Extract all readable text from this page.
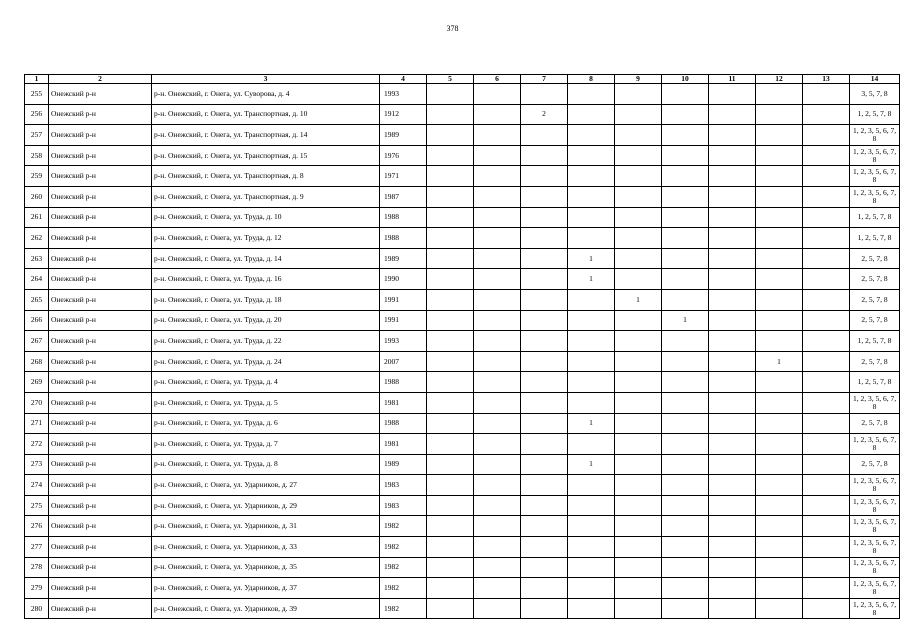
378
1	2	3	4	5	6	7	8	9	10	11	12	13	14
255	Онежский р-н	р-н. Онежский, г. Онега, ул. Суворова, д. 4	1993										3, 5, 7, 8
256	Онежский р-н	р-н. Онежский, г. Онега, ул. Транспортная, д. 10	1912			2							1, 2, 5, 7, 8
257	Онежский р-н	р-н. Онежский, г. Онега, ул. Транспортная, д. 14	1989										1, 2, 3, 5, 6, 7, 8
258	Онежский р-н	р-н. Онежский, г. Онега, ул. Транспортная, д. 15	1976										1, 2, 3, 5, 6, 7, 8
259	Онежский р-н	р-н. Онежский, г. Онега, ул. Транспортная, д. 8	1971										1, 2, 3, 5, 6, 7, 8
260	Онежский р-н	р-н. Онежский, г. Онега, ул. Транспортная, д. 9	1987										1, 2, 3, 5, 6, 7, 8
261	Онежский р-н	р-н. Онежский, г. Онега, ул. Труда, д. 10	1988										1, 2, 5, 7, 8
262	Онежский р-н	р-н. Онежский, г. Онега, ул. Труда, д. 12	1988										1, 2, 5, 7, 8
263	Онежский р-н	р-н. Онежский, г. Онега, ул. Труда, д. 14	1989				1						2, 5, 7, 8
264	Онежский р-н	р-н. Онежский, г. Онега, ул. Труда, д. 16	1990				1						2, 5, 7, 8
265	Онежский р-н	р-н. Онежский, г. Онега, ул. Труда, д. 18	1991					1					2, 5, 7, 8
266	Онежский р-н	р-н. Онежский, г. Онега, ул. Труда, д. 20	1991						1				2, 5, 7, 8
267	Онежский р-н	р-н. Онежский, г. Онега, ул. Труда, д. 22	1993										1, 2, 5, 7, 8
268	Онежский р-н	р-н. Онежский, г. Онега, ул. Труда, д. 24	2007								1		2, 5, 7, 8
269	Онежский р-н	р-н. Онежский, г. Онега, ул. Труда, д. 4	1988										1, 2, 5, 7, 8
270	Онежский р-н	р-н. Онежский, г. Онега, ул. Труда, д. 5	1981										1, 2, 3, 5, 6, 7, 8
271	Онежский р-н	р-н. Онежский, г. Онега, ул. Труда, д. 6	1988				1						2, 5, 7, 8
272	Онежский р-н	р-н. Онежский, г. Онега, ул. Труда, д. 7	1981										1, 2, 3, 5, 6, 7, 8
273	Онежский р-н	р-н. Онежский, г. Онега, ул. Труда, д. 8	1989				1						2, 5, 7, 8
274	Онежский р-н	р-н. Онежский, г. Онега, ул. Ударников, д. 27	1983										1, 2, 3, 5, 6, 7, 8
275	Онежский р-н	р-н. Онежский, г. Онега, ул. Ударников, д. 29	1983										1, 2, 3, 5, 6, 7, 8
276	Онежский р-н	р-н. Онежский, г. Онега, ул. Ударников, д. 31	1982										1, 2, 3, 5, 6, 7, 8
277	Онежский р-н	р-н. Онежский, г. Онега, ул. Ударников, д. 33	1982										1, 2, 3, 5, 6, 7, 8
278	Онежский р-н	р-н. Онежский, г. Онега, ул. Ударников, д. 35	1982										1, 2, 3, 5, 6, 7, 8
279	Онежский р-н	р-н. Онежский, г. Онега, ул. Ударников, д. 37	1982										1, 2, 3, 5, 6, 7, 8
280	Онежский р-н	р-н. Онежский, г. Онега, ул. Ударников, д. 39	1982										1, 2, 3, 5, 6, 7, 8
